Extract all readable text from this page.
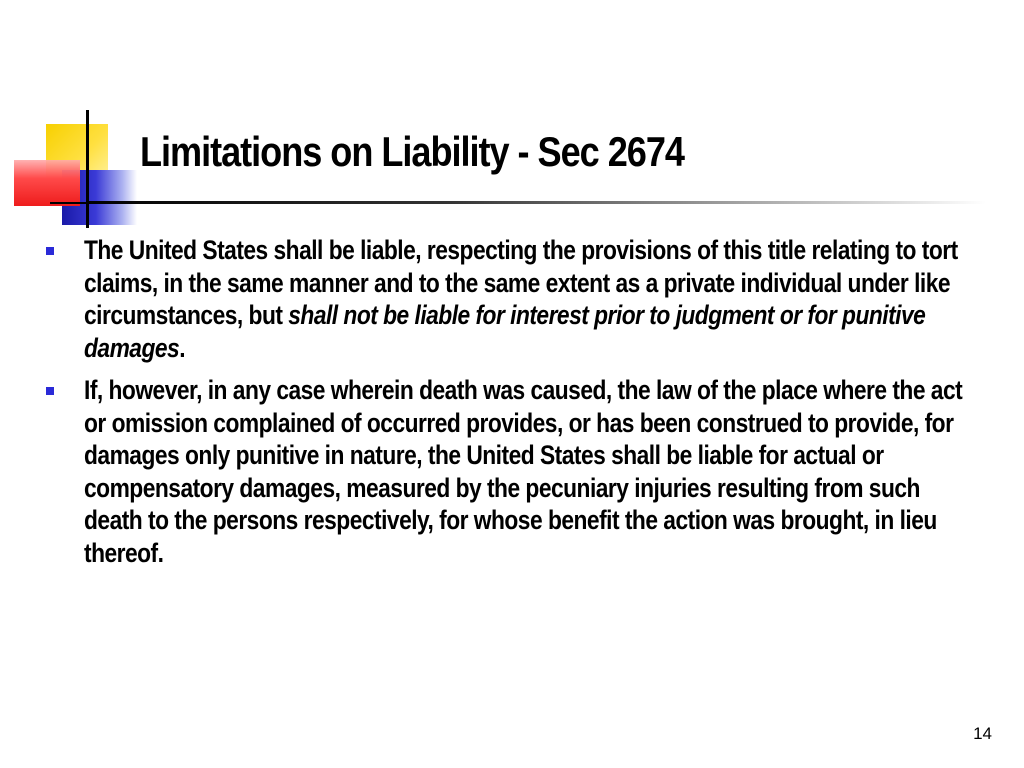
Limitations on Liability - Sec 2674
The United States shall be liable, respecting the provisions of this title relating to tort claims, in the same manner and to the same extent as a private individual under like circumstances, but shall not be liable for interest prior to judgment or for punitive damages.
If, however, in any case wherein death was caused, the law of the place where the act or omission complained of occurred provides, or has been construed to provide, for damages only punitive in nature, the United States shall be liable for actual or compensatory damages, measured by the pecuniary injuries resulting from such death to the persons respectively, for whose benefit the action was brought, in lieu thereof.
14
